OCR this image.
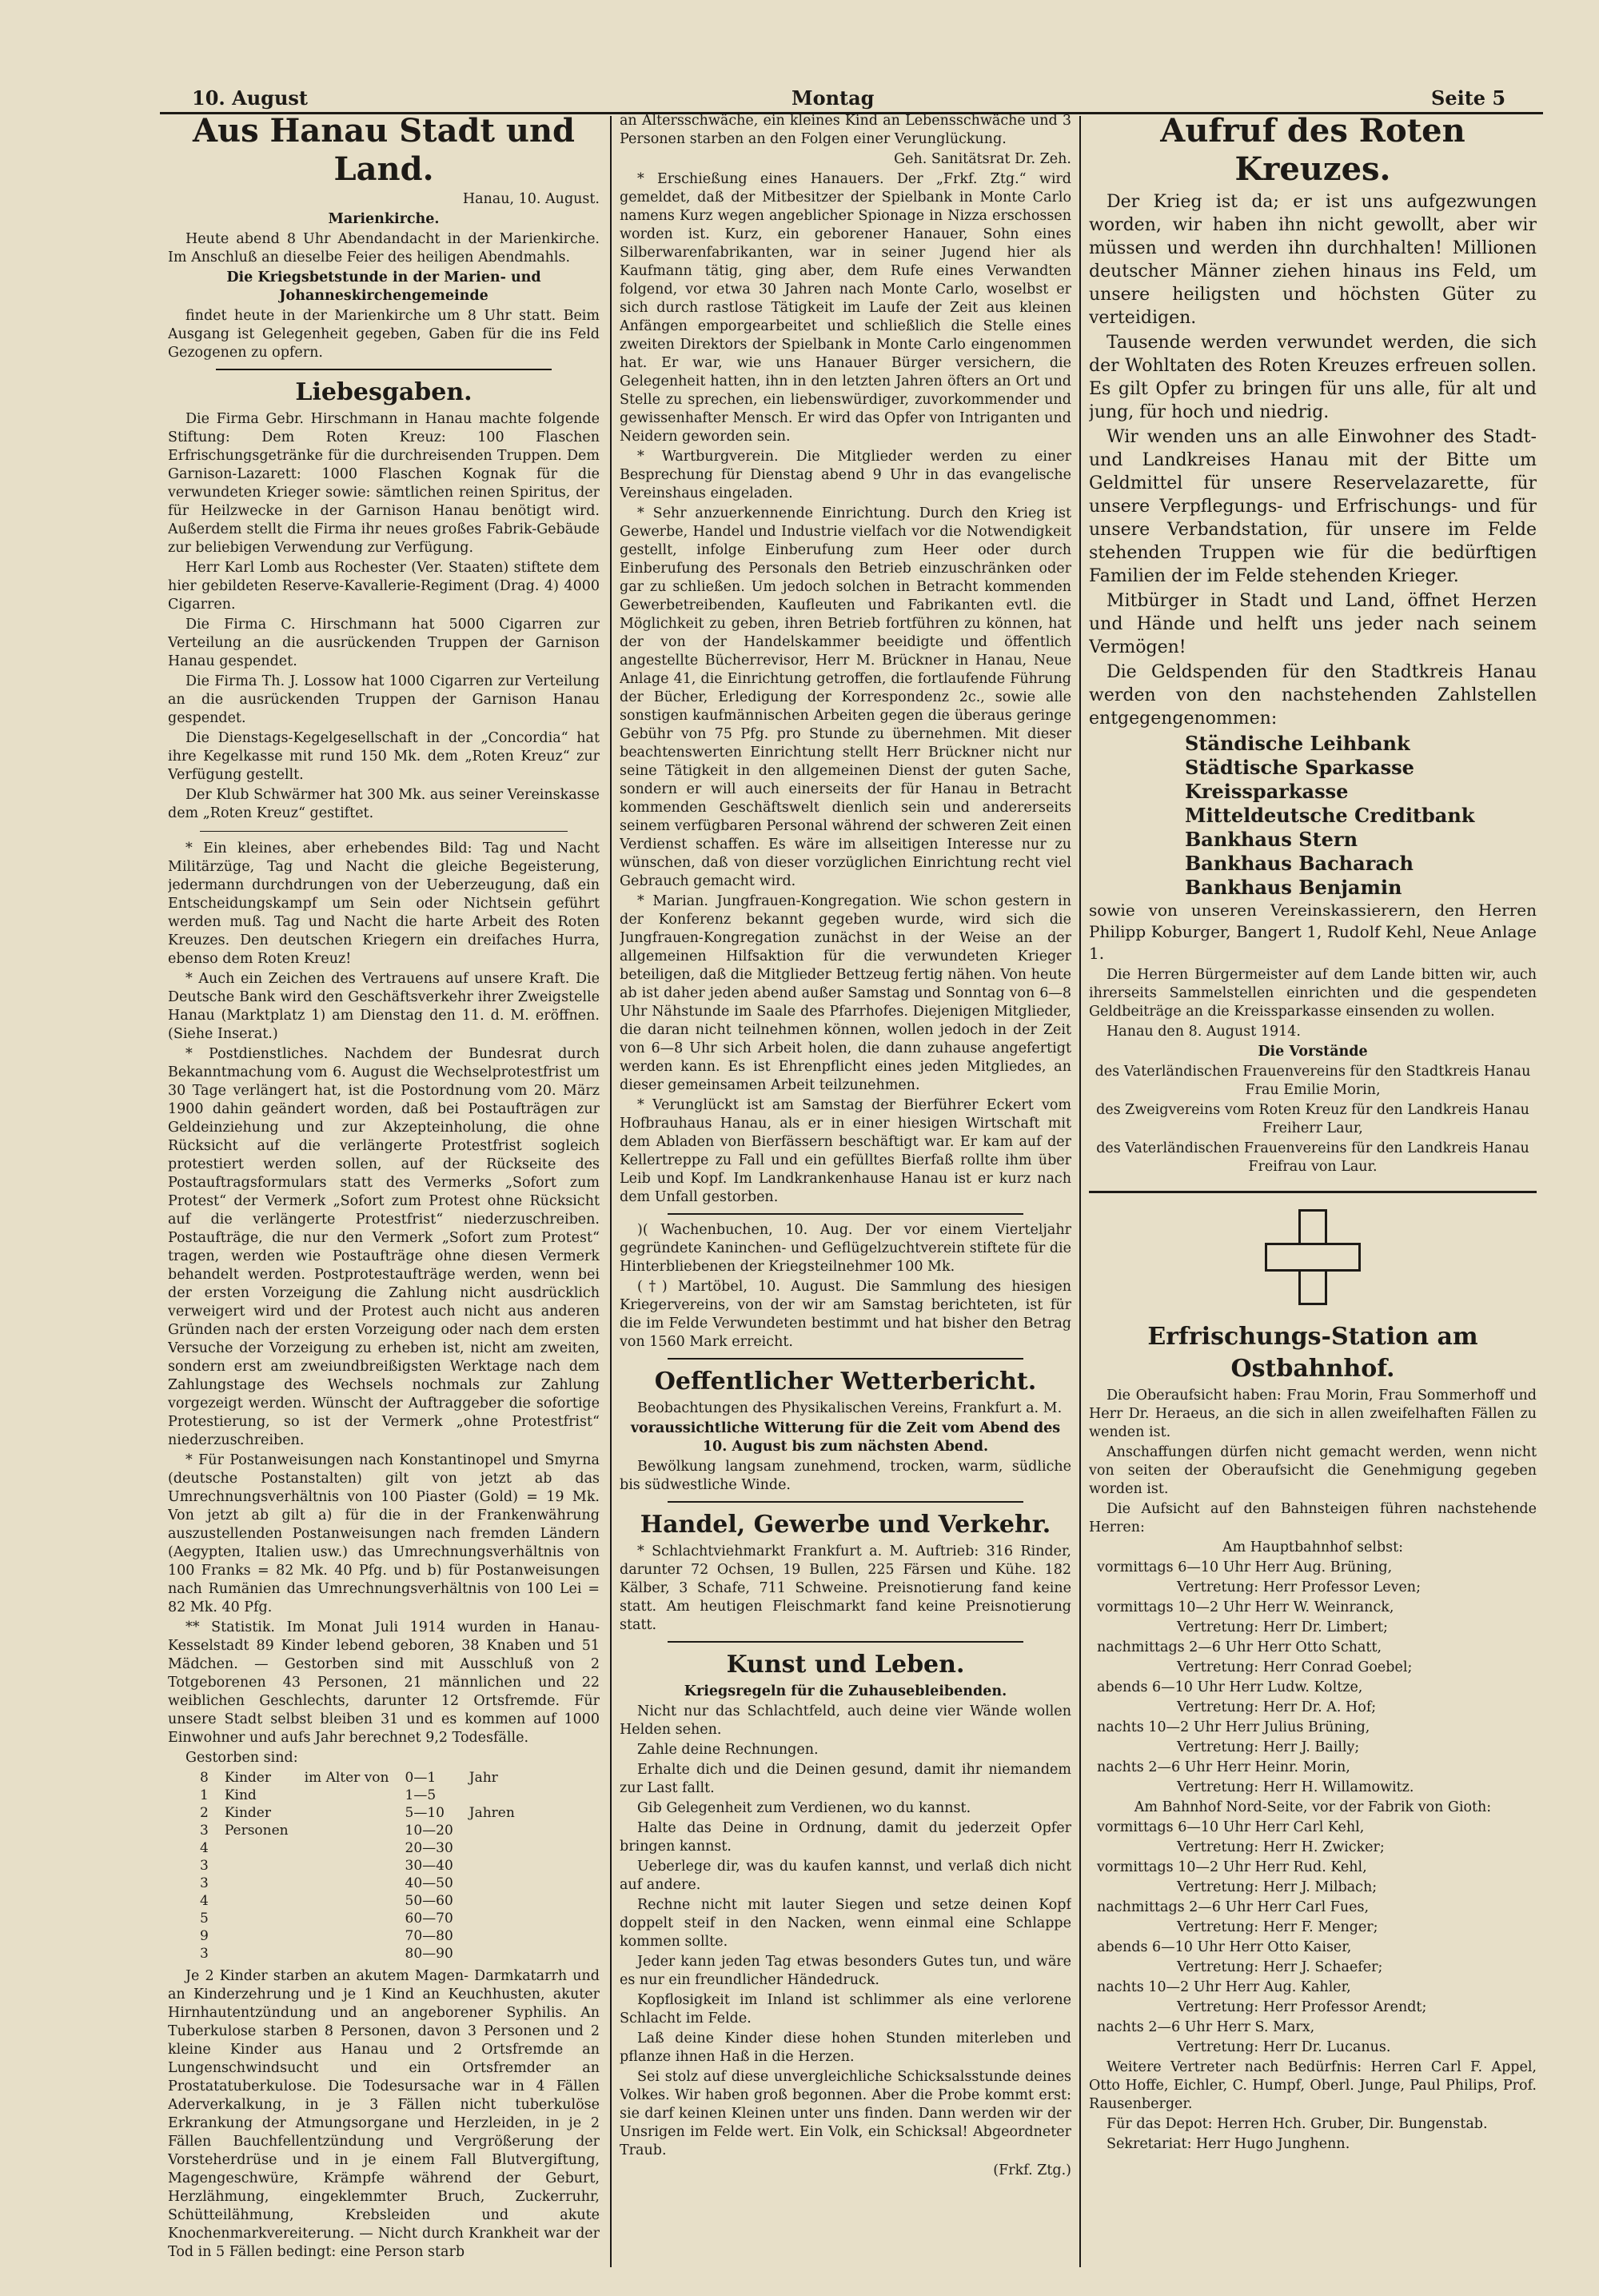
10. August	Montag	Seite 5

Aus Hanau Stadt und Land.

Hanau, 10. August.

Marienkirche.

Heute abend 8 Uhr Abendandacht in der Marienkirche. Im Anschluß an dieselbe Feier des heiligen Abendmahls.

Die Kriegsbetstunde in der Marien- und Johanneskirchengemeinde

findet heute in der Marienkirche um 8 Uhr statt. Beim Ausgang ist Gelegenheit gegeben, Gaben für die ins Feld Gezogenen zu opfern.

Liebesgaben.

Die Firma Gebr. Hirschmann in Hanau machte folgende Stiftung: Dem Roten Kreuz: 100 Flaschen Erfrischungsgetränke für die durchreisenden Truppen. Dem Garnison-Lazarett: 1000 Flaschen Kognak für die verwundeten Krieger sowie: sämtlichen reinen Spiritus, der für Heilzwecke in der Garnison Hanau benötigt wird. Außerdem stellt die Firma ihr neues großes Fabrik-Gebäude zur beliebigen Verwendung zur Verfügung.

Herr Karl Lomb aus Rochester (Ver. Staaten) stiftete dem hier gebildeten Reserve-Kavallerie-Regiment (Drag. 4) 4000 Cigarren.

Die Firma C. Hirschmann hat 5000 Cigarren zur Verteilung an die ausrückenden Truppen der Garnison Hanau gespendet.

Die Firma Th. J. Lossow hat 1000 Cigarren zur Verteilung an die ausrückenden Truppen der Garnison Hanau gespendet.

Die Dienstags-Kegelgesellschaft in der „Concordia“ hat ihre Kegelkasse mit rund 150 Mk. dem „Roten Kreuz“ zur Verfügung gestellt.

Der Klub Schwärmer hat 300 Mk. aus seiner Vereinskasse dem „Roten Kreuz“ gestiftet.

* Ein kleines, aber erhebendes Bild: Tag und Nacht Militärzüge, Tag und Nacht die gleiche Begeisterung, jedermann durchdrungen von der Ueberzeugung, daß ein Entscheidungskampf um Sein oder Nichtsein geführt werden muß. Tag und Nacht die harte Arbeit des Roten Kreuzes. Den deutschen Kriegern ein dreifaches Hurra, ebenso dem Roten Kreuz!

* Auch ein Zeichen des Vertrauens auf unsere Kraft. Die Deutsche Bank wird den Geschäftsverkehr ihrer Zweigstelle Hanau (Marktplatz 1) am Dienstag den 11. d. M. eröffnen. (Siehe Inserat.)

* Postdienstliches. Nachdem der Bundesrat durch Bekanntmachung vom 6. August die Wechselprotestfrist um 30 Tage verlängert hat, ist die Postordnung vom 20. März 1900 dahin geändert worden, daß bei Postaufträgen zur Geldeinziehung und zur Akzepteinholung, die ohne Rücksicht auf die verlängerte Protestfrist sogleich protestiert werden sollen, auf der Rückseite des Postauftragsformulars statt des Vermerks „Sofort zum Protest“ der Vermerk „Sofort zum Protest ohne Rücksicht auf die verlängerte Protestfrist“ niederzuschreiben. Postaufträge, die nur den Vermerk „Sofort zum Protest“ tragen, werden wie Postaufträge ohne diesen Vermerk behandelt werden. Postprotestaufträge werden, wenn bei der ersten Vorzeigung die Zahlung nicht ausdrücklich verweigert wird und der Protest auch nicht aus anderen Gründen nach der ersten Vorzeigung oder nach dem ersten Versuche der Vorzeigung zu erheben ist, nicht am zweiten, sondern erst am zweiundbreißigsten Werktage nach dem Zahlungstage des Wechsels nochmals zur Zahlung vorgezeigt werden. Wünscht der Auftraggeber die sofortige Protestierung, so ist der Vermerk „ohne Protestfrist“ niederzuschreiben.

* Für Postanweisungen nach Konstantinopel und Smyrna (deutsche Postanstalten) gilt von jetzt ab das Umrechnungsverhältnis von 100 Piaster (Gold) = 19 Mk. Von jetzt ab gilt a) für die in der Frankenwährung auszustellenden Postanweisungen nach fremden Ländern (Aegypten, Italien usw.) das Umrechnungsverhältnis von 100 Franks = 82 Mk. 40 Pfg. und b) für Postanweisungen nach Rumänien das Umrechnungsverhältnis von 100 Lei = 82 Mk. 40 Pfg.

** Statistik. Im Monat Juli 1914 wurden in Hanau-Kesselstadt 89 Kinder lebend geboren, 38 Knaben und 51 Mädchen. — Gestorben sind mit Ausschluß von 2 Totgeborenen 43 Personen, 21 männlichen und 22 weiblichen Geschlechts, darunter 12 Ortsfremde. Für unsere Stadt selbst bleiben 31 und es kommen auf 1000 Einwohner und aufs Jahr berechnet 9,2 Todesfälle.

Gestorben sind:

8	Kinder	im Alter von	0—1	Jahr
1	Kind		1—5	
2	Kinder		5—10	Jahren
3	Personen		10—20	
4			20—30	
3			30—40	
3			40—50	
4			50—60	
5			60—70	
9			70—80	
3			80—90	

Je 2 Kinder starben an akutem Magen- Darmkatarrh und an Kinderzehrung und je 1 Kind an Keuchhusten, akuter Hirnhautentzündung und an angeborener Syphilis. An Tuberkulose starben 8 Personen, davon 3 Personen und 2 kleine Kinder aus Hanau und 2 Ortsfremde an Lungenschwindsucht und ein Ortsfremder an Prostatatuberkulose. Die Todesursache war in 4 Fällen Aderverkalkung, in je 3 Fällen nicht tuberkulöse Erkrankung der Atmungsorgane und Herzleiden, in je 2 Fällen Bauchfellentzündung und Vergrößerung der Vorsteherdrüse und in je einem Fall Blutvergiftung, Magengeschwüre, Krämpfe während der Geburt, Herzlähmung, eingeklemmter Bruch, Zuckerruhr, Schütteilähmung, Krebsleiden und akute Knochenmarkvereiterung. — Nicht durch Krankheit war der Tod in 5 Fällen bedingt: eine Person starb

an Altersschwäche, ein kleines Kind an Lebensschwäche und 3 Personen starben an den Folgen einer Verunglückung.

Geh. Sanitätsrat Dr. Zeh.

* Erschießung eines Hanauers. Der „Frkf. Ztg.“ wird gemeldet, daß der Mitbesitzer der Spielbank in Monte Carlo namens Kurz wegen angeblicher Spionage in Nizza erschossen worden ist. Kurz, ein geborener Hanauer, Sohn eines Silberwarenfabrikanten, war in seiner Jugend hier als Kaufmann tätig, ging aber, dem Rufe eines Verwandten folgend, vor etwa 30 Jahren nach Monte Carlo, woselbst er sich durch rastlose Tätigkeit im Laufe der Zeit aus kleinen Anfängen emporgearbeitet und schließlich die Stelle eines zweiten Direktors der Spielbank in Monte Carlo eingenommen hat. Er war, wie uns Hanauer Bürger versichern, die Gelegenheit hatten, ihn in den letzten Jahren öfters an Ort und Stelle zu sprechen, ein liebenswürdiger, zuvorkommender und gewissenhafter Mensch. Er wird das Opfer von Intriganten und Neidern geworden sein.

* Wartburgverein. Die Mitglieder werden zu einer Besprechung für Dienstag abend 9 Uhr in das evangelische Vereinshaus eingeladen.

* Sehr anzuerkennende Einrichtung. Durch den Krieg ist Gewerbe, Handel und Industrie vielfach vor die Notwendigkeit gestellt, infolge Einberufung zum Heer oder durch Einberufung des Personals den Betrieb einzuschränken oder gar zu schließen. Um jedoch solchen in Betracht kommenden Gewerbetreibenden, Kaufleuten und Fabrikanten evtl. die Möglichkeit zu geben, ihren Betrieb fortführen zu können, hat der von der Handelskammer beeidigte und öffentlich angestellte Bücherrevisor, Herr M. Brückner in Hanau, Neue Anlage 41, die Einrichtung getroffen, die fortlaufende Führung der Bücher, Erledigung der Korrespondenz 2c., sowie alle sonstigen kaufmännischen Arbeiten gegen die überaus geringe Gebühr von 75 Pfg. pro Stunde zu übernehmen. Mit dieser beachtenswerten Einrichtung stellt Herr Brückner nicht nur seine Tätigkeit in den allgemeinen Dienst der guten Sache, sondern er will auch einerseits der für Hanau in Betracht kommenden Geschäftswelt dienlich sein und andererseits seinem verfügbaren Personal während der schweren Zeit einen Verdienst schaffen. Es wäre im allseitigen Interesse nur zu wünschen, daß von dieser vorzüglichen Einrichtung recht viel Gebrauch gemacht wird.

* Marian. Jungfrauen-Kongregation. Wie schon gestern in der Konferenz bekannt gegeben wurde, wird sich die Jungfrauen-Kongregation zunächst in der Weise an der allgemeinen Hilfsaktion für die verwundeten Krieger beteiligen, daß die Mitglieder Bettzeug fertig nähen. Von heute ab ist daher jeden abend außer Samstag und Sonntag von 6—8 Uhr Nähstunde im Saale des Pfarrhofes. Diejenigen Mitglieder, die daran nicht teilnehmen können, wollen jedoch in der Zeit von 6—8 Uhr sich Arbeit holen, die dann zuhause angefertigt werden kann. Es ist Ehrenpflicht eines jeden Mitgliedes, an dieser gemeinsamen Arbeit teilzunehmen.

* Verunglückt ist am Samstag der Bierführer Eckert vom Hofbrauhaus Hanau, als er in einer hiesigen Wirtschaft mit dem Abladen von Bierfässern beschäftigt war. Er kam auf der Kellertreppe zu Fall und ein gefülltes Bierfaß rollte ihm über Leib und Kopf. Im Landkrankenhause Hanau ist er kurz nach dem Unfall gestorben.

)( Wachenbuchen, 10. Aug. Der vor einem Vierteljahr gegründete Kaninchen- und Geflügelzuchtverein stiftete für die Hinterbliebenen der Kriegsteilnehmer 100 Mk.

(†) Martöbel, 10. August. Die Sammlung des hiesigen Kriegervereins, von der wir am Samstag berichteten, ist für die im Felde Verwundeten bestimmt und hat bisher den Betrag von 1560 Mark erreicht.

Oeffentlicher Wetterbericht.

Beobachtungen des Physikalischen Vereins, Frankfurt a. M.

voraussichtliche Witterung für die Zeit vom Abend des 10. August bis zum nächsten Abend.

Bewölkung langsam zunehmend, trocken, warm, südliche bis südwestliche Winde.

Handel, Gewerbe und Verkehr.

* Schlachtviehmarkt Frankfurt a. M. Auftrieb: 316 Rinder, darunter 72 Ochsen, 19 Bullen, 225 Färsen und Kühe. 182 Kälber, 3 Schafe, 711 Schweine. Preisnotierung fand keine statt. Am heutigen Fleischmarkt fand keine Preisnotierung statt.

Kunst und Leben.

Kriegsregeln für die Zuhausebleibenden.

Nicht nur das Schlachtfeld, auch deine vier Wände wollen Helden sehen.

Zahle deine Rechnungen.

Erhalte dich und die Deinen gesund, damit ihr niemandem zur Last fallt.

Gib Gelegenheit zum Verdienen, wo du kannst.

Halte das Deine in Ordnung, damit du jederzeit Opfer bringen kannst.

Ueberlege dir, was du kaufen kannst, und verlaß dich nicht auf andere.

Rechne nicht mit lauter Siegen und setze deinen Kopf doppelt steif in den Nacken, wenn einmal eine Schlappe kommen sollte.

Jeder kann jeden Tag etwas besonders Gutes tun, und wäre es nur ein freundlicher Händedruck.

Kopflosigkeit im Inland ist schlimmer als eine verlorene Schlacht im Felde.

Laß deine Kinder diese hohen Stunden miterleben und pflanze ihnen Haß in die Herzen.

Sei stolz auf diese unvergleichliche Schicksalsstunde deines Volkes. Wir haben groß begonnen. Aber die Probe kommt erst: sie darf keinen Kleinen unter uns finden. Dann werden wir der Unsrigen im Felde wert. Ein Volk, ein Schicksal! Abgeordneter Traub.

(Frkf. Ztg.)

Aufruf des Roten Kreuzes.

Der Krieg ist da; er ist uns aufgezwungen worden, wir haben ihn nicht gewollt, aber wir müssen und werden ihn durchhalten! Millionen deutscher Männer ziehen hinaus ins Feld, um unsere heiligsten und höchsten Güter zu verteidigen.

Tausende werden verwundet werden, die sich der Wohltaten des Roten Kreuzes erfreuen sollen. Es gilt Opfer zu bringen für uns alle, für alt und jung, für hoch und niedrig.

Wir wenden uns an alle Einwohner des Stadt- und Landkreises Hanau mit der Bitte um Geldmittel für unsere Reservelazarette, für unsere Verpflegungs- und Erfrischungs- und für unsere Verbandstation, für unsere im Felde stehenden Truppen wie für die bedürftigen Familien der im Felde stehenden Krieger.

Mitbürger in Stadt und Land, öffnet Herzen und Hände und helft uns jeder nach seinem Vermögen!

Die Geldspenden für den Stadtkreis Hanau werden von den nachstehenden Zahlstellen entgegengenommen:

Ständische Leihbank
Städtische Sparkasse
Kreissparkasse
Mitteldeutsche Creditbank
Bankhaus Stern
Bankhaus Bacharach
Bankhaus Benjamin

sowie von unseren Vereinskassierern, den Herren Philipp Koburger, Bangert 1, Rudolf Kehl, Neue Anlage 1.

Die Herren Bürgermeister auf dem Lande bitten wir, auch ihrerseits Sammelstellen einrichten und die gespendeten Geldbeiträge an die Kreissparkasse einsenden zu wollen.

Hanau den 8. August 1914.

Die Vorstände

des Vaterländischen Frauenvereins für den Stadtkreis Hanau Frau Emilie Morin,

des Zweigvereins vom Roten Kreuz für den Landkreis Hanau Freiherr Laur,

des Vaterländischen Frauenvereins für den Landkreis Hanau Freifrau von Laur.

Erfrischungs-Station am Ostbahnhof.

Die Oberaufsicht haben: Frau Morin, Frau Sommerhoff und Herr Dr. Heraeus, an die sich in allen zweifelhaften Fällen zu wenden ist.

Anschaffungen dürfen nicht gemacht werden, wenn nicht von seiten der Oberaufsicht die Genehmigung gegeben worden ist.

Die Aufsicht auf den Bahnsteigen führen nachstehende Herren:

Am Hauptbahnhof selbst:

vormittags 6—10 Uhr Herr Aug. Brüning,

Vertretung: Herr Professor Leven;

vormittags 10—2 Uhr Herr W. Weinranck,

Vertretung: Herr Dr. Limbert;

nachmittags 2—6 Uhr Herr Otto Schatt,

Vertretung: Herr Conrad Goebel;

abends 6—10 Uhr Herr Ludw. Koltze,

Vertretung: Herr Dr. A. Hof;

nachts 10—2 Uhr Herr Julius Brüning,

Vertretung: Herr J. Bailly;

nachts 2—6 Uhr Herr Heinr. Morin,

Vertretung: Herr H. Willamowitz.

Am Bahnhof Nord-Seite, vor der Fabrik von Gioth:

vormittags 6—10 Uhr Herr Carl Kehl,

Vertretung: Herr H. Zwicker;

vormittags 10—2 Uhr Herr Rud. Kehl,

Vertretung: Herr J. Milbach;

nachmittags 2—6 Uhr Herr Carl Fues,

Vertretung: Herr F. Menger;

abends 6—10 Uhr Herr Otto Kaiser,

Vertretung: Herr J. Schaefer;

nachts 10—2 Uhr Herr Aug. Kahler,

Vertretung: Herr Professor Arendt;

nachts 2—6 Uhr Herr S. Marx,

Vertretung: Herr Dr. Lucanus.

Weitere Vertreter nach Bedürfnis: Herren Carl F. Appel, Otto Hoffe, Eichler, C. Humpf, Oberl. Junge, Paul Philips, Prof. Rausenberger.

Für das Depot: Herren Hch. Gruber, Dir. Bungenstab.

Sekretariat: Herr Hugo Junghenn.
